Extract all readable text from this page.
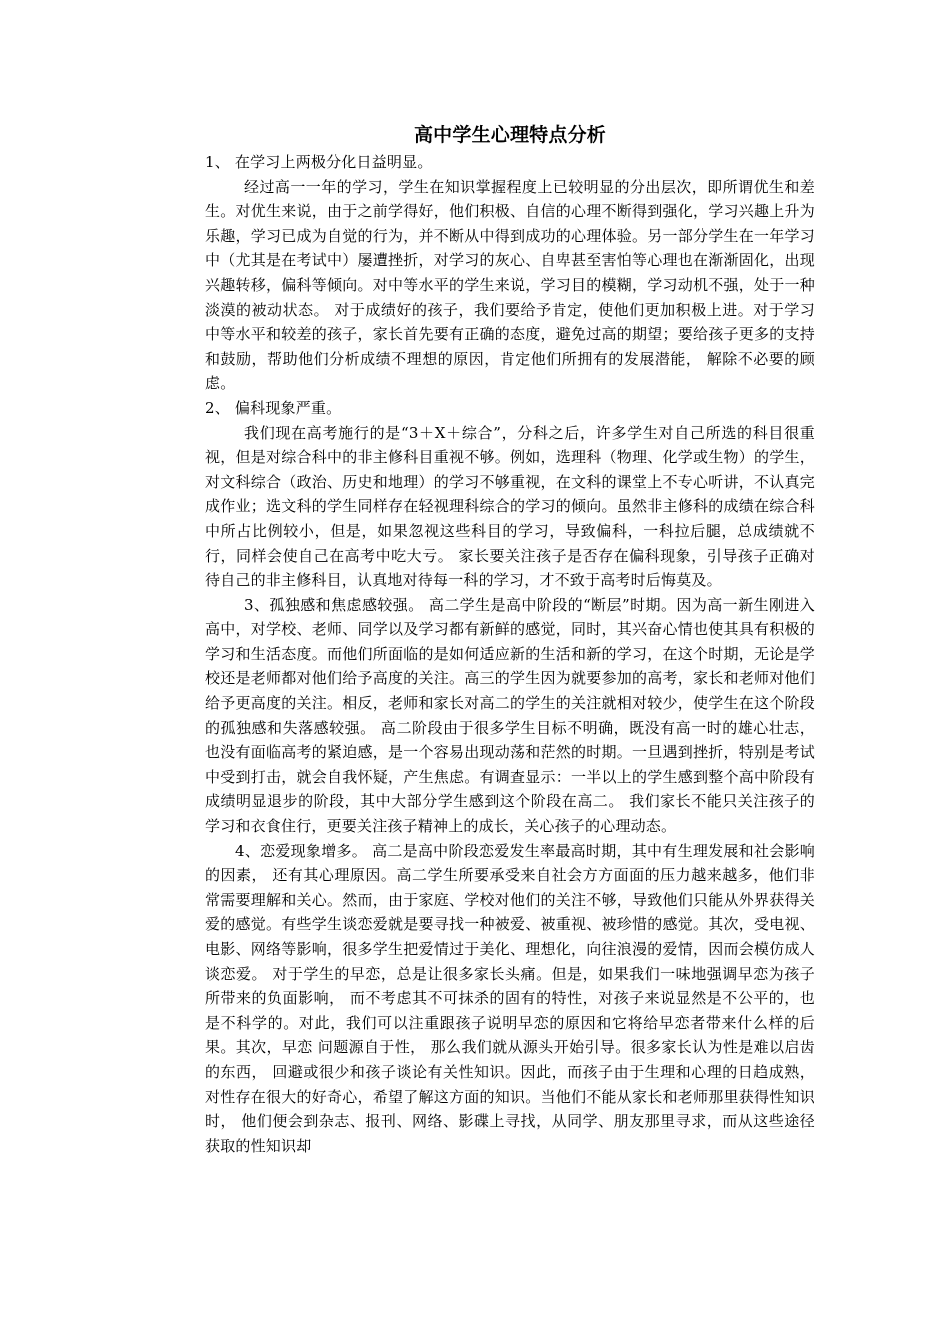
高中学生心理特点分析

1、 在学习上两极分化日益明显。

经过高一一年的学习，学生在知识掌握程度上已较明显的分出层次，即所谓优生和差生。对优生来说，由于之前学得好，他们积极、自信的心理不断得到强化，学习兴趣上升为乐趣，学习已成为自觉的行为，并不断从中得到成功的心理体验。另一部分学生在一年学习中（尤其是在考试中）屡遭挫折，对学习的灰心、自卑甚至害怕等心理也在渐渐固化，出现兴趣转移，偏科等倾向。对中等水平的学生来说，学习目的模糊，学习动机不强，处于一种淡漠的被动状态。 对于成绩好的孩子，我们要给予肯定，使他们更加积极上进。对于学习中等水平和较差的孩子，家长首先要有正确的态度，避免过高的期望；要给孩子更多的支持和鼓励，帮助他们分析成绩不理想的原因，肯定他们所拥有的发展潜能， 解除不必要的顾虑。

2、 偏科现象严重。

我们现在高考施行的是“3＋X＋综合”，分科之后，许多学生对自己所选的科目很重视，但是对综合科中的非主修科目重视不够。例如，选理科（物理、化学或生物）的学生，对文科综合（政治、历史和地理）的学习不够重视，在文科的课堂上不专心听讲，不认真完成作业；选文科的学生同样存在轻视理科综合的学习的倾向。虽然非主修科的成绩在综合科中所占比例较小，但是，如果忽视这些科目的学习，导致偏科，一科拉后腿，总成绩就不行，同样会使自己在高考中吃大亏。 家长要关注孩子是否存在偏科现象，引导孩子正确对待自己的非主修科目，认真地对待每一科的学习，才不致于高考时后悔莫及。

3、孤独感和焦虑感较强。 高二学生是高中阶段的“断层”时期。因为高一新生刚进入高中，对学校、老师、同学以及学习都有新鲜的感觉，同时，其兴奋心情也使其具有积极的学习和生活态度。而他们所面临的是如何适应新的生活和新的学习，在这个时期，无论是学校还是老师都对他们给予高度的关注。高三的学生因为就要参加的高考，家长和老师对他们给予更高度的关注。相反，老师和家长对高二的学生的关注就相对较少，使学生在这个阶段的孤独感和失落感较强。 高二阶段由于很多学生目标不明确，既没有高一时的雄心壮志，也没有面临高考的紧迫感，是一个容易出现动荡和茫然的时期。一旦遇到挫折，特别是考试中受到打击，就会自我怀疑，产生焦虑。有调查显示：一半以上的学生感到整个高中阶段有成绩明显退步的阶段，其中大部分学生感到这个阶段在高二。 我们家长不能只关注孩子的学习和衣食住行，更要关注孩子精神上的成长，关心孩子的心理动态。

4、恋爱现象增多。 高二是高中阶段恋爱发生率最高时期，其中有生理发展和社会影响的因素， 还有其心理原因。高二学生所要承受来自社会方方面面的压力越来越多，他们非常需要理解和关心。然而，由于家庭、学校对他们的关注不够，导致他们只能从外界获得关爱的感觉。有些学生谈恋爱就是要寻找一种被爱、被重视、被珍惜的感觉。其次，受电视、电影、网络等影响，很多学生把爱情过于美化、理想化，向往浪漫的爱情，因而会模仿成人谈恋爱。 对于学生的早恋，总是让很多家长头痛。但是，如果我们一味地强调早恋为孩子所带来的负面影响， 而不考虑其不可抹杀的固有的特性，对孩子来说显然是不公平的，也是不科学的。对此，我们可以注重跟孩子说明早恋的原因和它将给早恋者带来什么样的后果。其次，早恋 问题源自于性， 那么我们就从源头开始引导。很多家长认为性是难以启齿的东西， 回避或很少和孩子谈论有关性知识。因此，而孩子由于生理和心理的日趋成熟，对性存在很大的好奇心，希望了解这方面的知识。当他们不能从家长和老师那里获得性知识时， 他们便会到杂志、报刊、网络、影碟上寻找，从同学、朋友那里寻求，而从这些途径获取的性知识却
